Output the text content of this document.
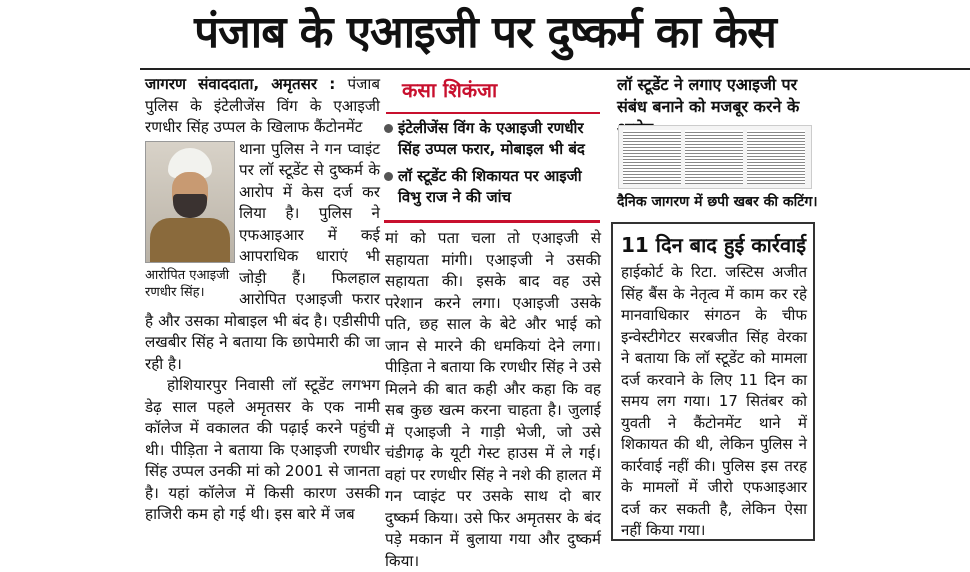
पंजाब के एआइजी पर दुष्कर्म का केस

जागरण संवाददाता, अमृतसर : पंजाब पुलिस के इंटेलीजेंस विंग के एआइजी रणधीर सिंह उप्पल के खिलाफ कैंटोनमेंट

आरोपित एआइजी रणधीर सिंह।

थाना पुलिस ने गन प्वाइंट पर लॉ स्टूडेंट से दुष्कर्म के आरोप में केस दर्ज कर लिया है। पुलिस ने एफआइआर में कई आपराधिक धाराएं भी जोड़ी हैं। फिलहाल आरोपित एआइजी फरार है और उसका मोबाइल भी बंद है। एडीसीपी लखबीर सिंह ने बताया कि छापेमारी की जा रही है।

होशियारपुर निवासी लॉ स्टूडेंट लगभग डेढ़ साल पहले अमृतसर के एक नामी कॉलेज में वकालत की पढ़ाई करने पहुंची थी। पीड़िता ने बताया कि एआइजी रणधीर सिंह उप्पल उनकी मां को 2001 से जानता है। यहां कॉलेज में किसी कारण उसकी हाजिरी कम हो गई थी। इस बारे में जब

कसा शिकंजा
इंटेलीजेंस विंग के एआइजी रणधीर सिंह उप्पल फरार, मोबाइल भी बंद
लॉ स्टूडेंट की शिकायत पर आइजी विभु राज ने की जांच

मां को पता चला तो एआइजी से सहायता मांगी। एआइजी ने उसकी सहायता की। इसके बाद वह उसे परेशान करने लगा। एआइजी उसके पति, छह साल के बेटे और भाई को जान से मारने की धमकियां देने लगा। पीड़िता ने बताया कि रणधीर सिंह ने उसे मिलने की बात कही और कहा कि वह सब कुछ खत्म करना चाहता है। जुलाई में एआइजी ने गाड़ी भेजी, जो उसे चंडीगढ़ के यूटी गेस्ट हाउस में ले गई। वहां पर रणधीर सिंह ने नशे की हालत में गन प्वाइंट पर उसके साथ दो बार दुष्कर्म किया। उसे फिर अमृतसर के बंद पड़े मकान में बुलाया गया और दुष्कर्म किया।

लॉ स्टूडेंट ने लगाए एआइजी पर संबंध बनाने को मजबूर करने के
दैनिक जागरण में छपी खबर की कटिंग।
11 दिन बाद हुई कार्रवाई
हाईकोर्ट के रिटा. जस्टिस अजीत सिंह बैंस के नेतृत्व में काम कर रहे मानवाधिकार संगठन के चीफ इन्वेस्टीगेटर सरबजीत सिंह वेरका ने बताया कि लॉ स्टूडेंट को मामला दर्ज करवाने के लिए 11 दिन का समय लग गया। 17 सितंबर को युवती ने कैंटोनमेंट थाने में शिकायत की थी, लेकिन पुलिस ने कार्रवाई नहीं की। पुलिस इस तरह के मामलों में जीरो एफआइआर दर्ज कर सकती है, लेकिन ऐसा नहीं किया गया।
